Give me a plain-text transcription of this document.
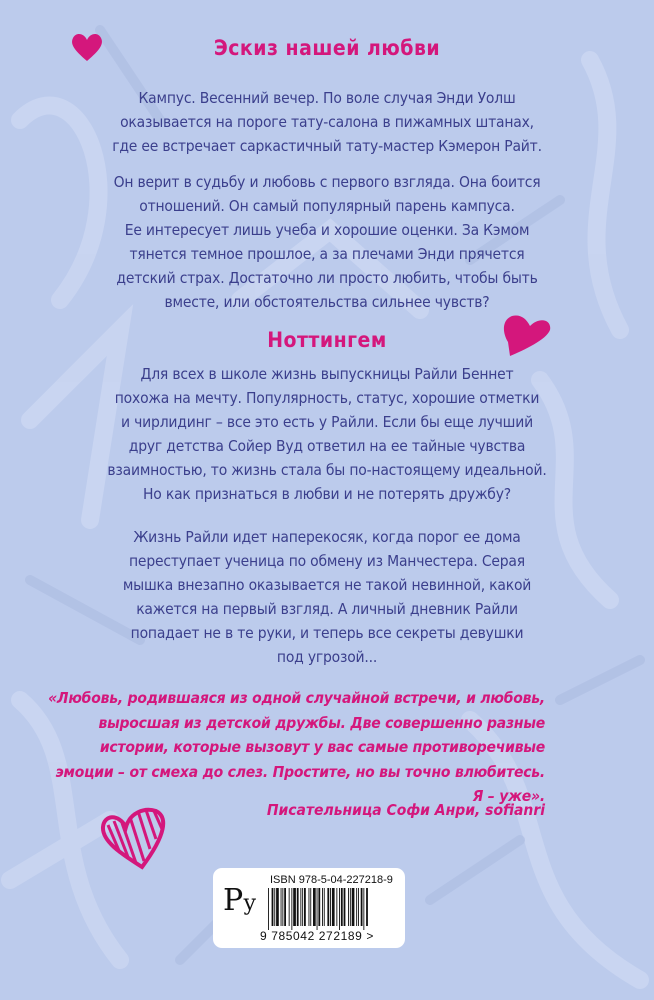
Эскиз нашей любви
Кампус. Весенний вечер. По воле случая Энди Уолш
оказывается на пороге тату-салона в пижамных штанах,
где ее встречает саркастичный тату-мастер Кэмерон Райт.
Он верит в судьбу и любовь с первого взгляда. Она боится
отношений. Он самый популярный парень кампуса.
Ее интересует лишь учеба и хорошие оценки. За Кэмом
тянется темное прошлое, а за плечами Энди прячется
детский страх. Достаточно ли просто любить, чтобы быть
вместе, или обстоятельства сильнее чувств?
Ноттингем
Для всех в школе жизнь выпускницы Райли Беннет
похожа на мечту. Популярность, статус, хорошие отметки
и чирлидинг – все это есть у Райли. Если бы еще лучший
друг детства Сойер Вуд ответил на ее тайные чувства
взаимностью, то жизнь стала бы по-настоящему идеальной.
Но как признаться в любви и не потерять дружбу?
Жизнь Райли идет наперекосяк, когда порог ее дома
переступает ученица по обмену из Манчестера. Серая
мышка внезапно оказывается не такой невинной, какой
кажется на первый взгляд. А личный дневник Райли
попадает не в те руки, и теперь все секреты девушки
под угрозой...
«Любовь, родившаяся из одной случайной встречи, и любовь,
выросшая из детской дружбы. Две совершенно разные
истории, которые вызовут у вас самые противоречивые
эмоции – от смеха до слез. Простите, но вы точно влюбитесь.
Я – уже».
Писательница Софи Анри, sofianri
Ру
ISBN 978-5-04-227218-9
9 785042 272189 >
